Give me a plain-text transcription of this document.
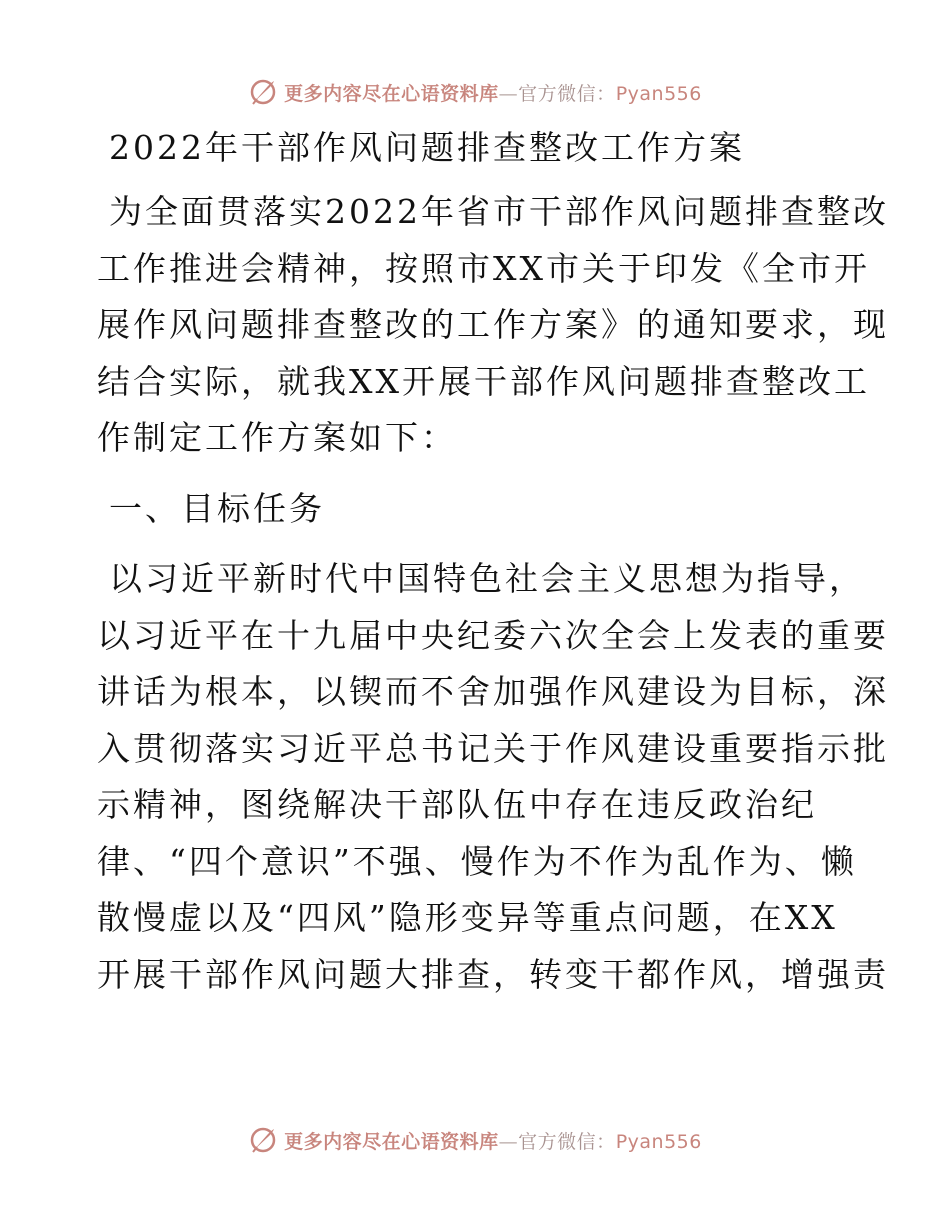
更多内容尽在心语资料库—官方微信：Pyan556
2022年干部作风问题排查整改工作方案
为全面贯落实2022年省市干部作风问题排查整改
工作推进会精神，按照市XX市关于印发《全市开
展作风问题排查整改的工作方案》的通知要求，现
结合实际，就我XX开展干部作风问题排查整改工
作制定工作方案如下：
一、目标任务
以习近平新时代中国特色社会主义思想为指导，
以习近平在十九届中央纪委六次全会上发表的重要
讲话为根本，以锲而不舍加强作风建设为目标，深
入贯彻落实习近平总书记关于作风建设重要指示批
示精神，图绕解决干部队伍中存在违反政治纪
律、“四个意识”不强、慢作为不作为乱作为、懒
散慢虚以及“四风”隐形变异等重点问题，在XX
开展干部作风问题大排查，转变干都作风，增强责
更多内容尽在心语资料库—官方微信：Pyan556
